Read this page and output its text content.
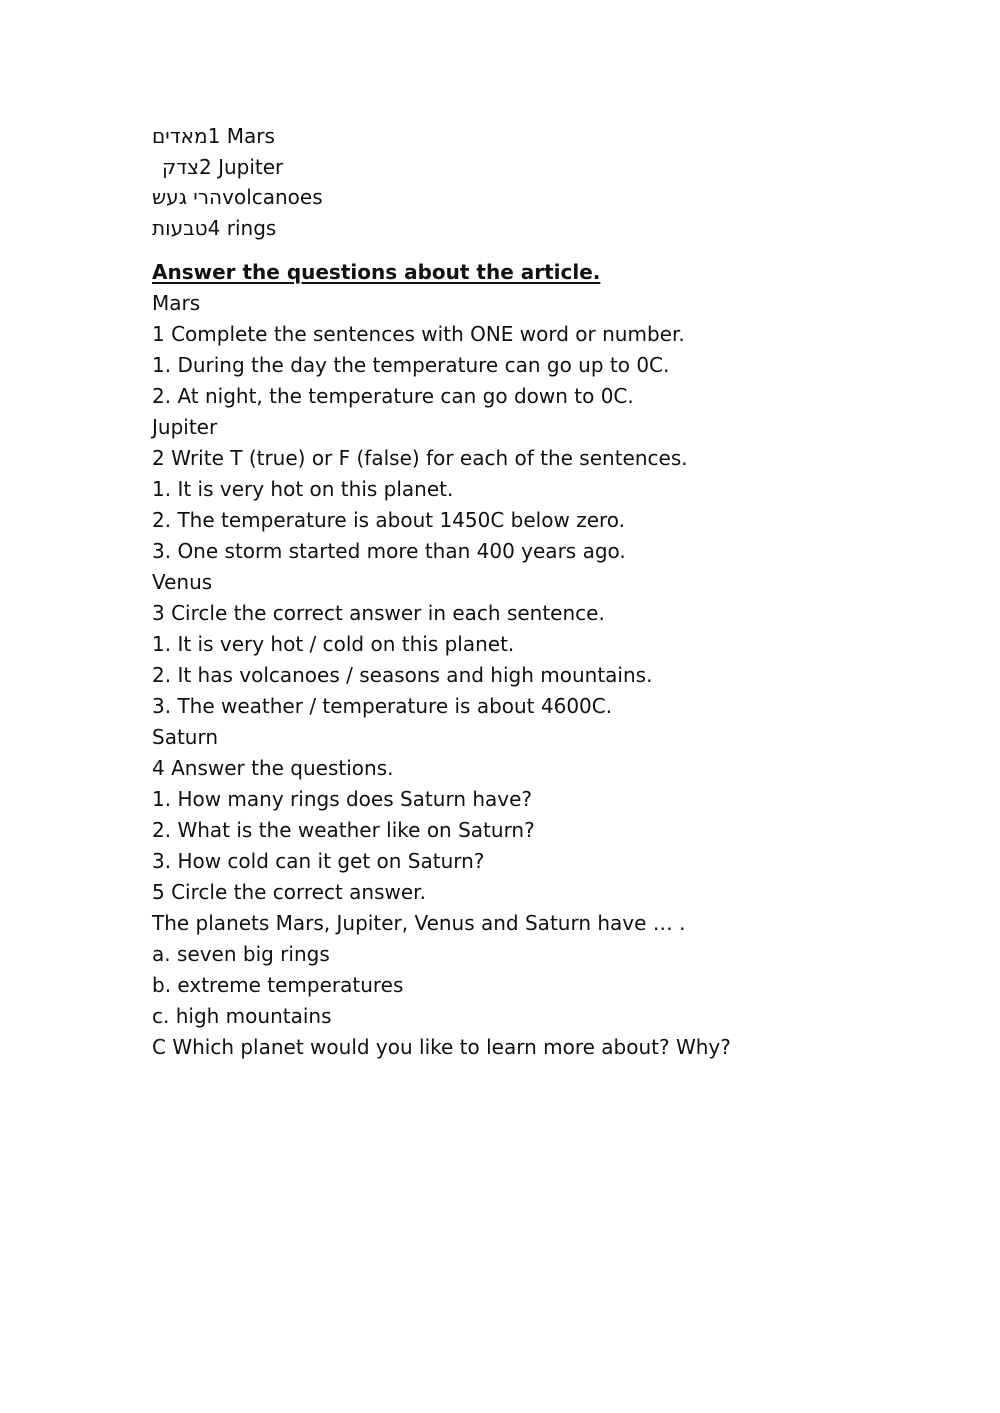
מאדים1 Mars
צדק2 Jupiter
הרי געשvolcanoes
טבעות4 rings
Answer the questions about the article.
Mars
1 Complete the sentences with ONE word or number.
1. During the day the temperature can go up to 0C.
2. At night, the temperature can go down to 0C.
Jupiter
2 Write T (true) or F (false) for each of the sentences.
1. It is very hot on this planet.
2. The temperature is about 1450C below zero.
3. One storm started more than 400 years ago.
Venus
3 Circle the correct answer in each sentence.
1. It is very hot / cold on this planet.
2. It has volcanoes / seasons and high mountains.
3. The weather / temperature is about 4600C.
Saturn
4 Answer the questions.
1. How many rings does Saturn have?
2. What is the weather like on Saturn?
3. How cold can it get on Saturn?
5 Circle the correct answer.
The planets Mars, Jupiter, Venus and Saturn have … .
a. seven big rings
b. extreme temperatures
c. high mountains
C Which planet would you like to learn more about? Why?
